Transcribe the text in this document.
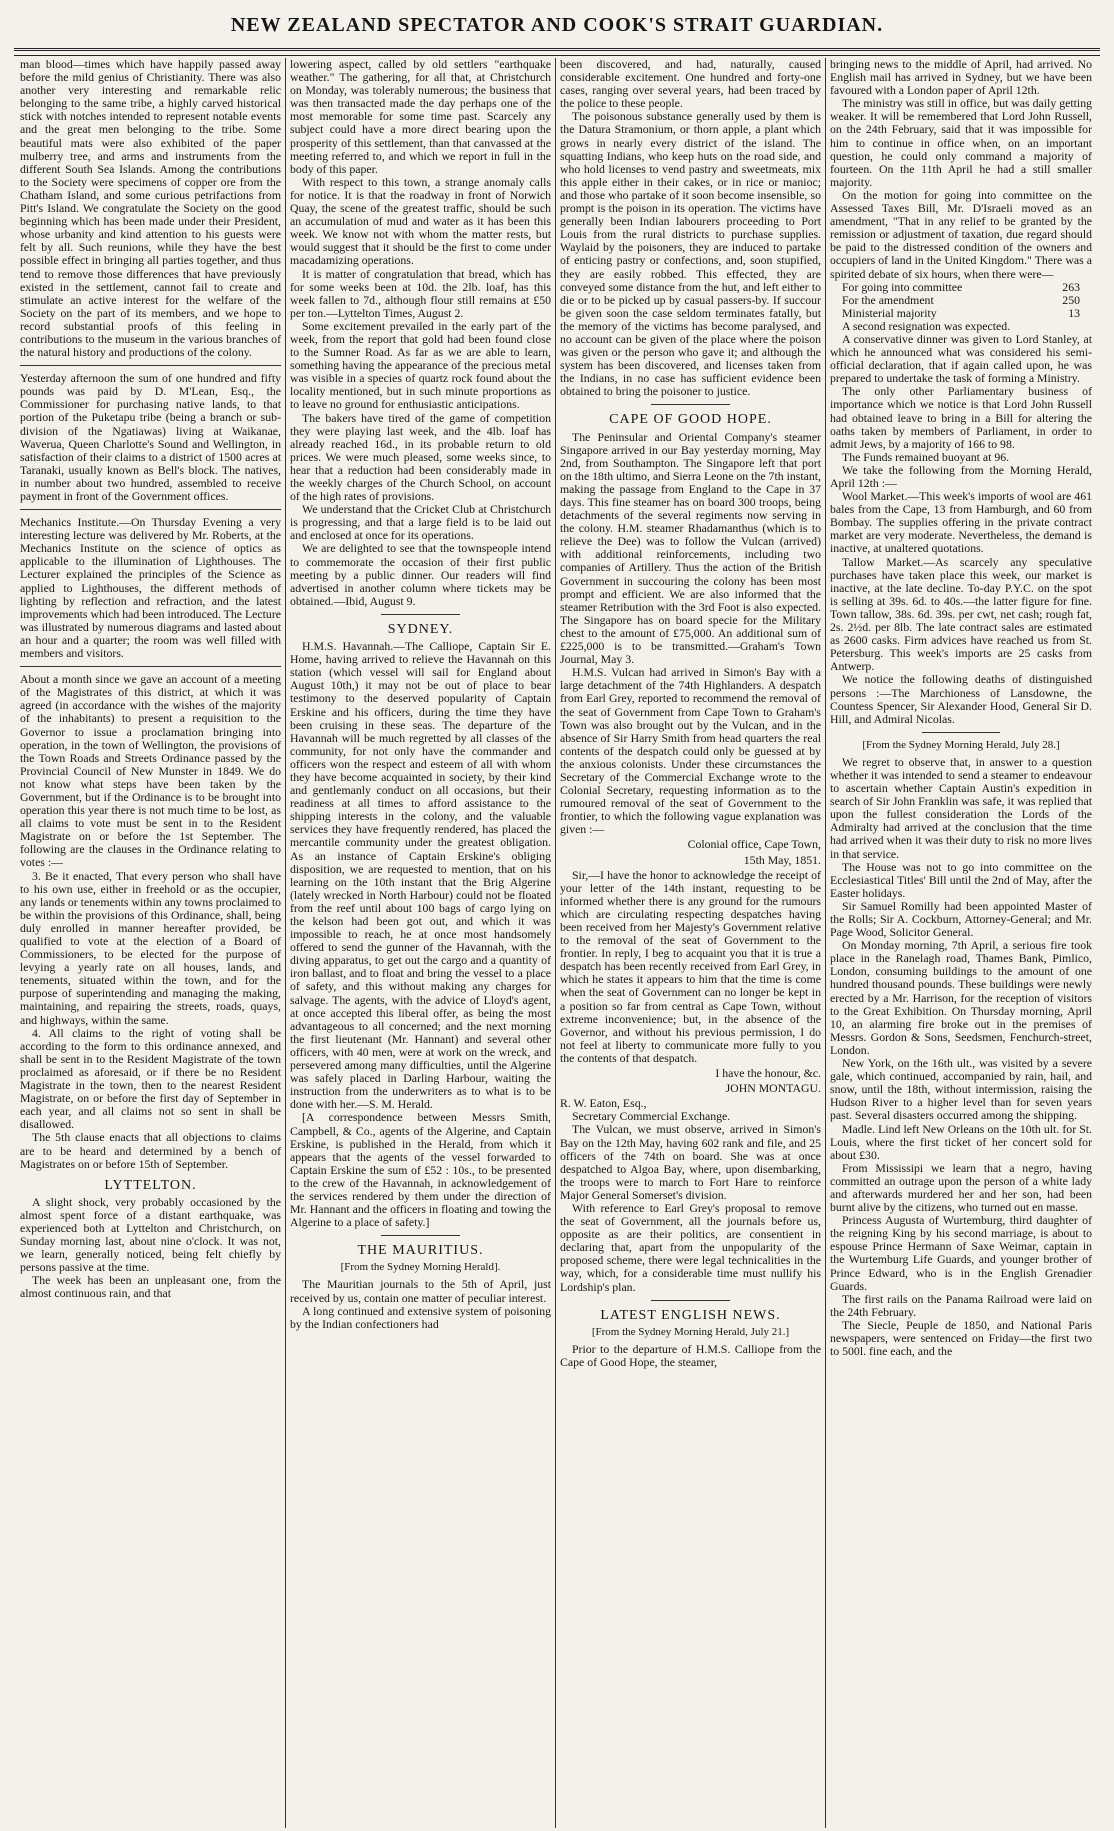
NEW ZEALAND SPECTATOR AND COOK'S STRAIT GUARDIAN.

man blood—times which have happily passed away before the mild genius of Christianity. There was also another very interesting and remarkable relic belonging to the same tribe, a highly carved historical stick with notches intended to represent notable events and the great men belonging to the tribe. Some beautiful mats were also exhibited of the paper mulberry tree, and arms and instruments from the different South Sea Islands. Among the contributions to the Society were specimens of copper ore from the Chatham Island, and some curious petrifactions from Pitt's Island. We congratulate the Society on the good beginning which has been made under their President, whose urbanity and kind attention to his guests were felt by all. Such reunions, while they have the best possible effect in bringing all parties together, and thus tend to remove those differences that have previously existed in the settlement, cannot fail to create and stimulate an active interest for the welfare of the Society on the part of its members, and we hope to record substantial proofs of this feeling in contributions to the museum in the various branches of the natural history and productions of the colony.

Yesterday afternoon the sum of one hundred and fifty pounds was paid by D. M'Lean, Esq., the Commissioner for purchasing native lands, to that portion of the Puketapu tribe (being a branch or sub-division of the Ngatiawas) living at Waikanae, Waverua, Queen Charlotte's Sound and Wellington, in satisfaction of their claims to a district of 1500 acres at Taranaki, usually known as Bell's block. The natives, in number about two hundred, assembled to receive payment in front of the Government offices.

Mechanics Institute.—On Thursday Evening a very interesting lecture was delivered by Mr. Roberts, at the Mechanics Institute on the science of optics as applicable to the illumination of Lighthouses. The Lecturer explained the principles of the Science as applied to Lighthouses, the different methods of lighting by reflection and refraction, and the latest improvements which had been introduced. The Lecture was illustrated by numerous diagrams and lasted about an hour and a quarter; the room was well filled with members and visitors.

About a month since we gave an account of a meeting of the Magistrates of this district, at which it was agreed (in accordance with the wishes of the majority of the inhabitants) to present a requisition to the Governor to issue a proclamation bringing into operation, in the town of Wellington, the provisions of the Town Roads and Streets Ordinance passed by the Provincial Council of New Munster in 1849. We do not know what steps have been taken by the Government, but if the Ordinance is to be brought into operation this year there is not much time to be lost, as all claims to vote must be sent in to the Resident Magistrate on or before the 1st September. The following are the clauses in the Ordinance relating to votes :—

3. Be it enacted, That every person who shall have to his own use, either in freehold or as the occupier, any lands or tenements within any towns proclaimed to be within the provisions of this Ordinance, shall, being duly enrolled in manner hereafter provided, be qualified to vote at the election of a Board of Commissioners, to be elected for the purpose of levying a yearly rate on all houses, lands, and tenements, situated within the town, and for the purpose of superintending and managing the making, maintaining, and repairing the streets, roads, quays, and highways, within the same.

4. All claims to the right of voting shall be according to the form to this ordinance annexed, and shall be sent in to the Resident Magistrate of the town proclaimed as aforesaid, or if there be no Resident Magistrate in the town, then to the nearest Resident Magistrate, on or before the first day of September in each year, and all claims not so sent in shall be disallowed.

The 5th clause enacts that all objections to claims are to be heard and determined by a bench of Magistrates on or before 15th of September.

LYTTELTON.

A slight shock, very probably occasioned by the almost spent force of a distant earthquake, was experienced both at Lyttelton and Christchurch, on Sunday morning last, about nine o'clock. It was not, we learn, generally noticed, being felt chiefly by persons passive at the time.

The week has been an unpleasant one, from the almost continuous rain, and that

lowering aspect, called by old settlers "earthquake weather." The gathering, for all that, at Christchurch on Monday, was tolerably numerous; the business that was then transacted made the day perhaps one of the most memorable for some time past. Scarcely any subject could have a more direct bearing upon the prosperity of this settlement, than that canvassed at the meeting referred to, and which we report in full in the body of this paper.

With respect to this town, a strange anomaly calls for notice. It is that the roadway in front of Norwich Quay, the scene of the greatest traffic, should be such an accumulation of mud and water as it has been this week. We know not with whom the matter rests, but would suggest that it should be the first to come under macadamizing operations.

It is matter of congratulation that bread, which has for some weeks been at 10d. the 2lb. loaf, has this week fallen to 7d., although flour still remains at £50 per ton.—Lyttelton Times, August 2.

Some excitement prevailed in the early part of the week, from the report that gold had been found close to the Sumner Road. As far as we are able to learn, something having the appearance of the precious metal was visible in a species of quartz rock found about the locality mentioned, but in such minute proportions as to leave no ground for enthusiastic anticipations.

The bakers have tired of the game of competition they were playing last week, and the 4lb. loaf has already reached 16d., in its probable return to old prices. We were much pleased, some weeks since, to hear that a reduction had been considerably made in the weekly charges of the Church School, on account of the high rates of provisions.

We understand that the Cricket Club at Christchurch is progressing, and that a large field is to be laid out and enclosed at once for its operations.

We are delighted to see that the townspeople intend to commemorate the occasion of their first public meeting by a public dinner. Our readers will find advertised in another column where tickets may be obtained.—Ibid, August 9.

SYDNEY.

H.M.S. Havannah.—The Calliope, Captain Sir E. Home, having arrived to relieve the Havannah on this station (which vessel will sail for England about August 10th,) it may not be out of place to bear testimony to the deserved popularity of Captain Erskine and his officers, during the time they have been cruising in these seas. The departure of the Havannah will be much regretted by all classes of the community, for not only have the commander and officers won the respect and esteem of all with whom they have become acquainted in society, by their kind and gentlemanly conduct on all occasions, but their readiness at all times to afford assistance to the shipping interests in the colony, and the valuable services they have frequently rendered, has placed the mercantile community under the greatest obligation. As an instance of Captain Erskine's obliging disposition, we are requested to mention, that on his learning on the 10th instant that the Brig Algerine (lately wrecked in North Harbour) could not be floated from the reef until about 100 bags of cargo lying on the kelson had been got out, and which it was impossible to reach, he at once most handsomely offered to send the gunner of the Havannah, with the diving apparatus, to get out the cargo and a quantity of iron ballast, and to float and bring the vessel to a place of safety, and this without making any charges for salvage. The agents, with the advice of Lloyd's agent, at once accepted this liberal offer, as being the most advantageous to all concerned; and the next morning the first lieutenant (Mr. Hannant) and several other officers, with 40 men, were at work on the wreck, and persevered among many difficulties, until the Algerine was safely placed in Darling Harbour, waiting the instruction from the underwriters as to what is to be done with her.—S. M. Herald.

[A correspondence between Messrs Smith, Campbell, & Co., agents of the Algerine, and Captain Erskine, is published in the Herald, from which it appears that the agents of the vessel forwarded to Captain Erskine the sum of £52 : 10s., to be presented to the crew of the Havannah, in acknowledgement of the services rendered by them under the direction of Mr. Hannant and the officers in floating and towing the Algerine to a place of safety.]

THE MAURITIUS.
[From the Sydney Morning Herald].

The Mauritian journals to the 5th of April, just received by us, contain one matter of peculiar interest.

A long continued and extensive system of poisoning by the Indian confectioners had

been discovered, and had, naturally, caused considerable excitement. One hundred and forty-one cases, ranging over several years, had been traced by the police to these people.

The poisonous substance generally used by them is the Datura Stramonium, or thorn apple, a plant which grows in nearly every district of the island. The squatting Indians, who keep huts on the road side, and who hold licenses to vend pastry and sweetmeats, mix this apple either in their cakes, or in rice or manioc; and those who partake of it soon become insensible, so prompt is the poison in its operation. The victims have generally been Indian labourers proceeding to Port Louis from the rural districts to purchase supplies. Waylaid by the poisoners, they are induced to partake of enticing pastry or confections, and, soon stupified, they are easily robbed. This effected, they are conveyed some distance from the hut, and left either to die or to be picked up by casual passers-by. If succour be given soon the case seldom terminates fatally, but the memory of the victims has become paralysed, and no account can be given of the place where the poison was given or the person who gave it; and although the system has been discovered, and licenses taken from the Indians, in no case has sufficient evidence been obtained to bring the poisoner to justice.

CAPE OF GOOD HOPE.

The Peninsular and Oriental Company's steamer Singapore arrived in our Bay yesterday morning, May 2nd, from Southampton. The Singapore left that port on the 18th ultimo, and Sierra Leone on the 7th instant, making the passage from England to the Cape in 37 days. This fine steamer has on board 300 troops, being detachments of the several regiments now serving in the colony. H.M. steamer Rhadamanthus (which is to relieve the Dee) was to follow the Vulcan (arrived) with additional reinforcements, including two companies of Artillery. Thus the action of the British Government in succouring the colony has been most prompt and efficient. We are also informed that the steamer Retribution with the 3rd Foot is also expected. The Singapore has on board specie for the Military chest to the amount of £75,000. An additional sum of £225,000 is to be transmitted.—Graham's Town Journal, May 3.

H.M.S. Vulcan had arrived in Simon's Bay with a large detachment of the 74th Highlanders. A despatch from Earl Grey, reported to recommend the removal of the seat of Government from Cape Town to Graham's Town was also brought out by the Vulcan, and in the absence of Sir Harry Smith from head quarters the real contents of the despatch could only be guessed at by the anxious colonists. Under these circumstances the Secretary of the Commercial Exchange wrote to the Colonial Secretary, requesting information as to the rumoured removal of the seat of Government to the frontier, to which the following vague explanation was given :—

Colonial office, Cape Town,
15th May, 1851.

Sir,—I have the honor to acknowledge the receipt of your letter of the 14th instant, requesting to be informed whether there is any ground for the rumours which are circulating respecting despatches having been received from her Majesty's Government relative to the removal of the seat of Government to the frontier. In reply, I beg to acquaint you that it is true a despatch has been recently received from Earl Grey, in which he states it appears to him that the time is come when the seat of Government can no longer be kept in a position so far from central as Cape Town, without extreme inconvenience; but, in the absence of the Governor, and without his previous permission, I do not feel at liberty to communicate more fully to you the contents of that despatch.

I have the honour, &c.
JOHN MONTAGU.

R. W. Eaton, Esq.,

Secretary Commercial Exchange.

The Vulcan, we must observe, arrived in Simon's Bay on the 12th May, having 602 rank and file, and 25 officers of the 74th on board. She was at once despatched to Algoa Bay, where, upon disembarking, the troops were to march to Fort Hare to reinforce Major General Somerset's division.

With reference to Earl Grey's proposal to remove the seat of Government, all the journals before us, opposite as are their politics, are consentient in declaring that, apart from the unpopularity of the proposed scheme, there were legal technicalities in the way, which, for a considerable time must nullify his Lordship's plan.

LATEST ENGLISH NEWS.
[From the Sydney Morning Herald, July 21.]

Prior to the departure of H.M.S. Calliope from the Cape of Good Hope, the steamer,

bringing news to the middle of April, had arrived. No English mail has arrived in Sydney, but we have been favoured with a London paper of April 12th.

The ministry was still in office, but was daily getting weaker. It will be remembered that Lord John Russell, on the 24th February, said that it was impossible for him to continue in office when, on an important question, he could only command a majority of fourteen. On the 11th April he had a still smaller majority.

On the motion for going into committee on the Assessed Taxes Bill, Mr. D'Israeli moved as an amendment, "That in any relief to be granted by the remission or adjustment of taxation, due regard should be paid to the distressed condition of the owners and occupiers of land in the United Kingdom." There was a spirited debate of six hours, when there were—

For going into committee	263
For the amendment	250
Ministerial majority	13

A second resignation was expected.

A conservative dinner was given to Lord Stanley, at which he announced what was considered his semi-official declaration, that if again called upon, he was prepared to undertake the task of forming a Ministry.

The only other Parliamentary business of importance which we notice is that Lord John Russell had obtained leave to bring in a Bill for altering the oaths taken by members of Parliament, in order to admit Jews, by a majority of 166 to 98.

The Funds remained buoyant at 96.

We take the following from the Morning Herald, April 12th :—

Wool Market.—This week's imports of wool are 461 bales from the Cape, 13 from Hamburgh, and 60 from Bombay. The supplies offering in the private contract market are very moderate. Nevertheless, the demand is inactive, at unaltered quotations.

Tallow Market.—As scarcely any speculative purchases have taken place this week, our market is inactive, at the late decline. To-day P.Y.C. on the spot is selling at 39s. 6d. to 40s.—the latter figure for fine. Town tallow, 38s. 6d. 39s. per cwt, net cash; rough fat, 2s. 2½d. per 8lb. The late contract sales are estimated as 2600 casks. Firm advices have reached us from St. Petersburg. This week's imports are 25 casks from Antwerp.

We notice the following deaths of distinguished persons :—The Marchioness of Lansdowne, the Countess Spencer, Sir Alexander Hood, General Sir D. Hill, and Admiral Nicolas.

[From the Sydney Morning Herald, July 28.]

We regret to observe that, in answer to a question whether it was intended to send a steamer to endeavour to ascertain whether Captain Austin's expedition in search of Sir John Franklin was safe, it was replied that upon the fullest consideration the Lords of the Admiralty had arrived at the conclusion that the time had arrived when it was their duty to risk no more lives in that service.

The House was not to go into committee on the Ecclesiastical Titles' Bill until the 2nd of May, after the Easter holidays.

Sir Samuel Romilly had been appointed Master of the Rolls; Sir A. Cockburn, Attorney-General; and Mr. Page Wood, Solicitor General.

On Monday morning, 7th April, a serious fire took place in the Ranelagh road, Thames Bank, Pimlico, London, consuming buildings to the amount of one hundred thousand pounds. These buildings were newly erected by a Mr. Harrison, for the reception of visitors to the Great Exhibition. On Thursday morning, April 10, an alarming fire broke out in the premises of Messrs. Gordon & Sons, Seedsmen, Fenchurch-street, London.

New York, on the 16th ult., was visited by a severe gale, which continued, accompanied by rain, hail, and snow, until the 18th, without intermission, raising the Hudson River to a higher level than for seven years past. Several disasters occurred among the shipping.

Madle. Lind left New Orleans on the 10th ult. for St. Louis, where the first ticket of her concert sold for about £30.

From Mississipi we learn that a negro, having committed an outrage upon the person of a white lady and afterwards murdered her and her son, had been burnt alive by the citizens, who turned out en masse.

Princess Augusta of Wurtemburg, third daughter of the reigning King by his second marriage, is about to espouse Prince Hermann of Saxe Weimar, captain in the Wurtemburg Life Guards, and younger brother of Prince Edward, who is in the English Grenadier Guards.

The first rails on the Panama Railroad were laid on the 24th February.

The Siecle, Peuple de 1850, and National Paris newspapers, were sentenced on Friday—the first two to 500l. fine each, and the
